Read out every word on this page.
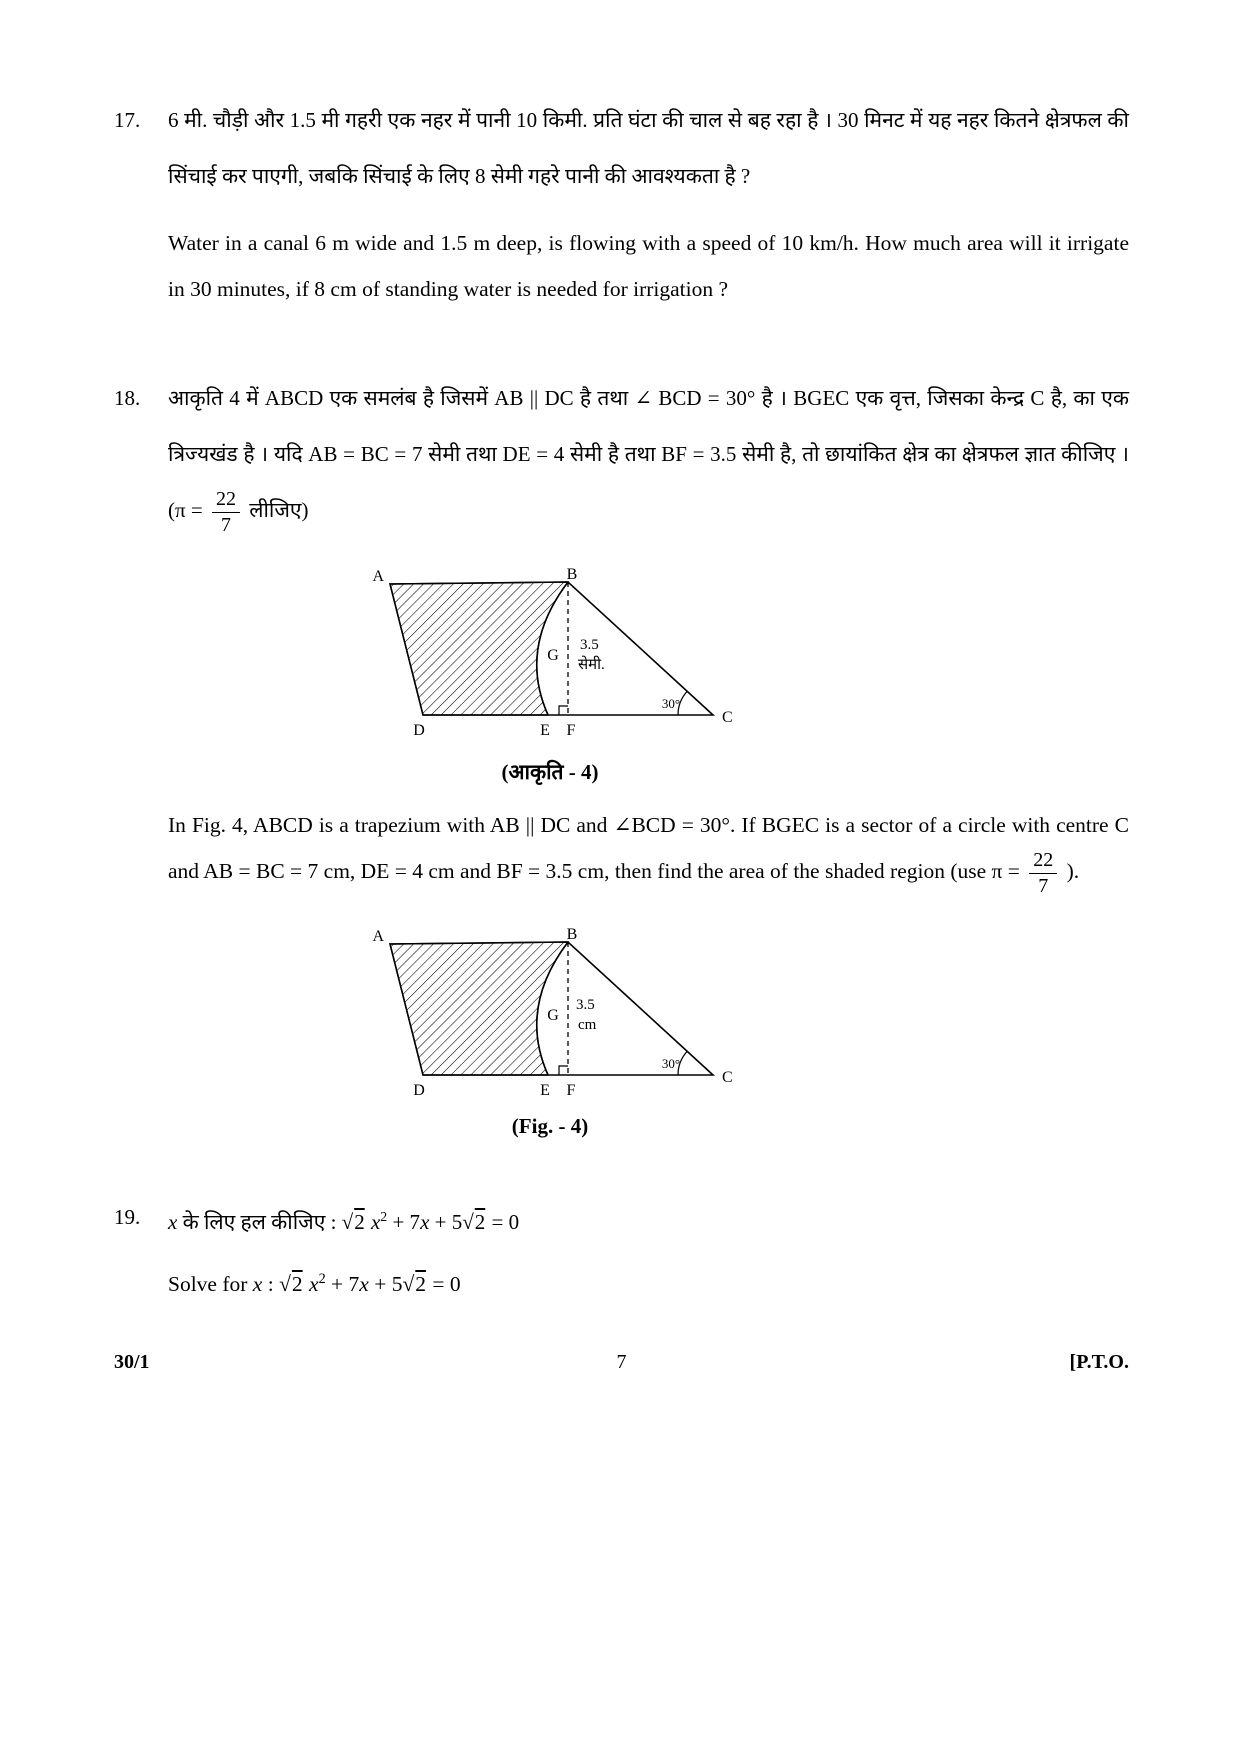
17.	6 मी. चौड़ी और 1.5 मी गहरी एक नहर में पानी 10 किमी. प्रति घंटा की चाल से बह रहा है । 30 मिनट में यह नहर कितने क्षेत्रफल की सिंचाई कर पाएगी, जबकि सिंचाई के लिए 8 सेमी गहरे पानी की आवश्यकता है ?

Water in a canal 6 m wide and 1.5 m deep, is flowing with a speed of 10 km/h. How much area will it irrigate in 30 minutes, if 8 cm of standing water is needed for irrigation ?

18.	आकृति 4 में ABCD एक समलंब है जिसमें AB || DC है तथा ∠ BCD = 30° है । BGEC एक वृत्त, जिसका केन्द्र C है, का एक त्रिज्यखंड है । यदि AB = BC = 7 सेमी तथा DE = 4 सेमी है तथा BF = 3.5 सेमी है, तो छायांकित क्षेत्र का क्षेत्रफल ज्ञात कीजिए । ($\pi = \frac{22}{7}$ लीजिए)

A	B
C
D	E F
G
3.5
सेमी.
30°
(आकृति - 4)

In Fig. 4, ABCD is a trapezium with AB || DC and ∠BCD = 30°. If BGEC is a sector of a circle with centre C and AB = BC = 7 cm, DE = 4 cm and BF = 3.5 cm, then find the area of the shaded region (use $\pi = \frac{22}{7}$ ).

A	B
C
D	E F
G
3.5
cm
30°
(Fig. - 4)
19.	x के लिए हल कीजिए : √2 $x^2 + 7x + 5√2 = 0$

Solve for x : √2 $x^2 + 7x + 5√2 = 0$

30/1	7	[P.T.O.
